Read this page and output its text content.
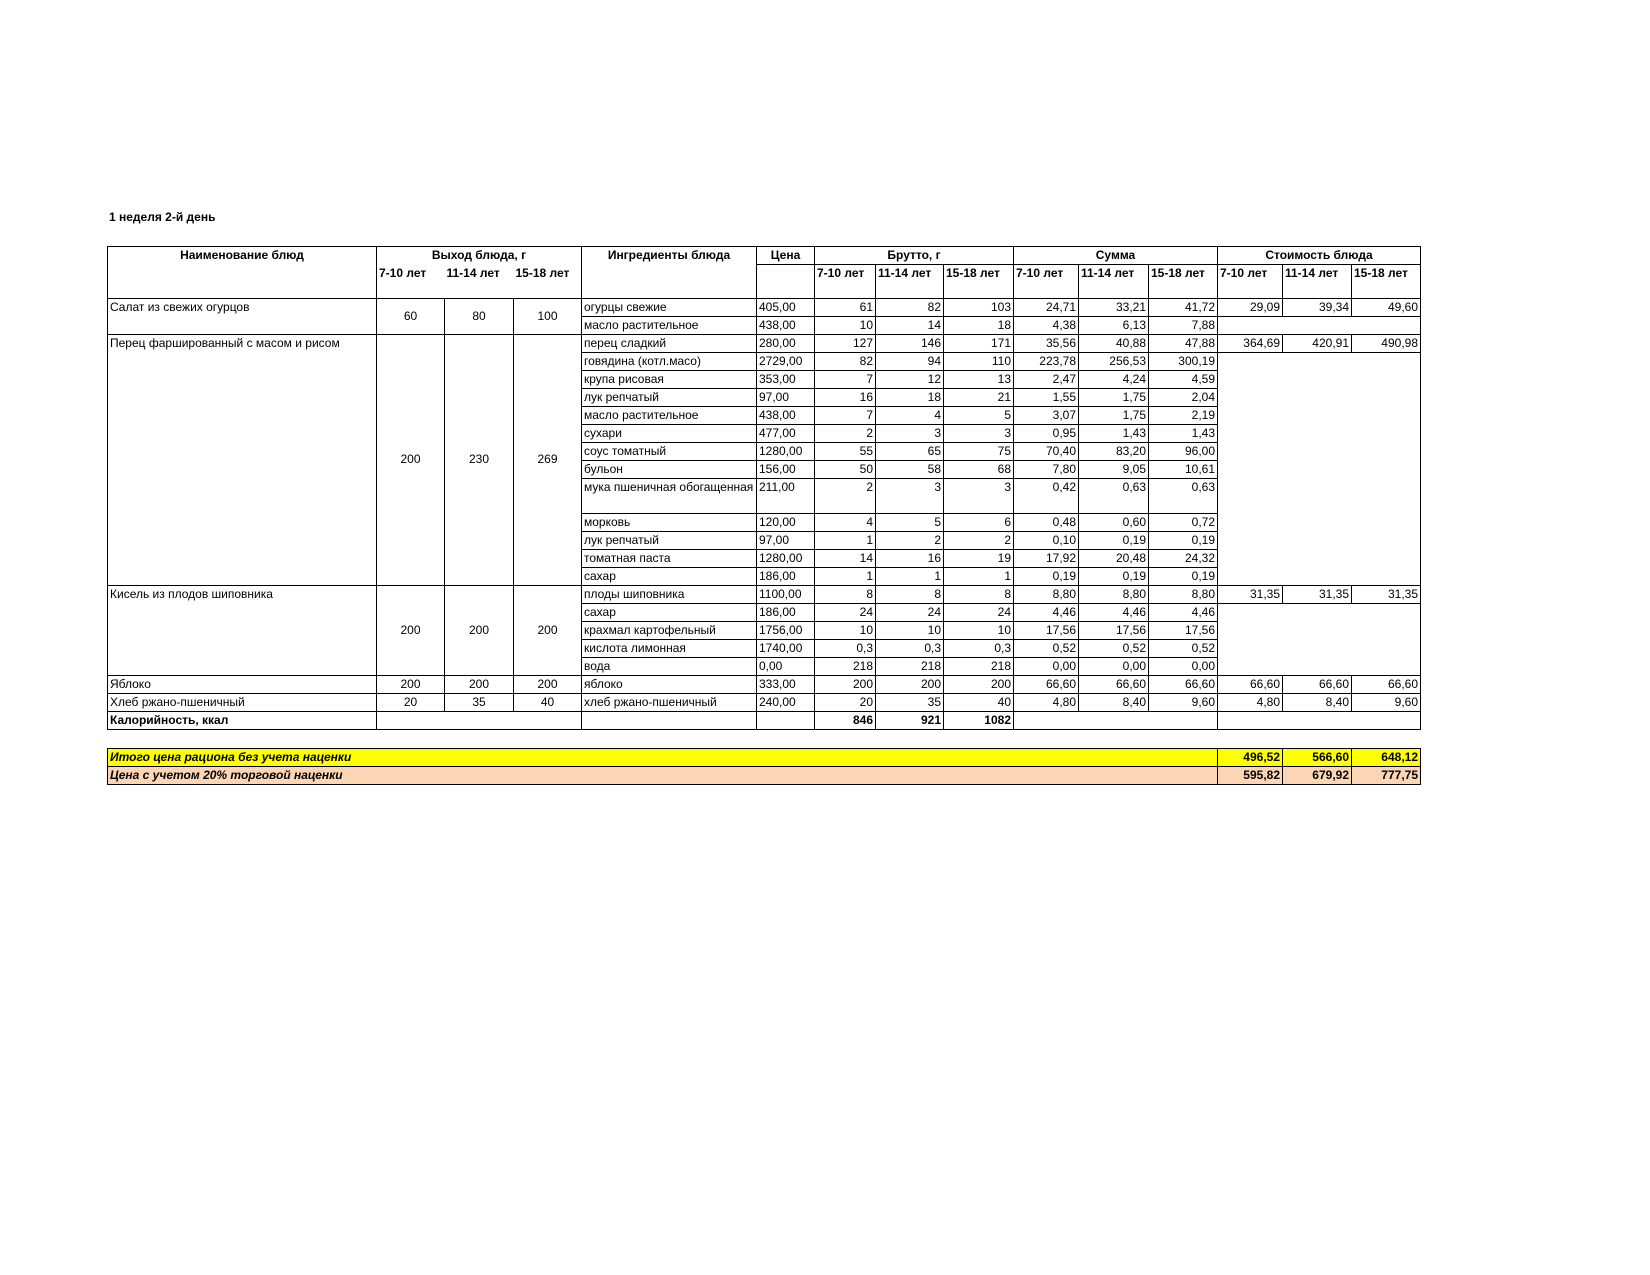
1 неделя 2-й день
Наименование блюд	Выход блюда, г			Ингредиенты блюда	Цена	Брутто, г			Сумма			Стоимость блюда		
	7-10 лет	11-14 лет	15-18 лет			7-10 лет	11-14 лет	15-18 лет	7-10 лет	11-14 лет	15-18 лет	7-10 лет	11-14 лет	15-18 лет
Салат из свежих огурцов	60	80	100	огурцы свежие	405,00	61	82	103	24,71	33,21	41,72	29,09	39,34	49,60
				масло растительное	438,00	10	14	18	4,38	6,13	7,88			
Перец фаршированный с масом и рисом	200	230	269	перец сладкий	280,00	127	146	171	35,56	40,88	47,88	364,69	420,91	490,98
				говядина (котл.масо)	2729,00	82	94	110	223,78	256,53	300,19			
				крупа рисовая	353,00	7	12	13	2,47	4,24	4,59			
				лук репчатый	97,00	16	18	21	1,55	1,75	2,04			
				масло растительное	438,00	7	4	5	3,07	1,75	2,19			
				сухари	477,00	2	3	3	0,95	1,43	1,43			
				соус томатный	1280,00	55	65	75	70,40	83,20	96,00			
				бульон	156,00	50	58	68	7,80	9,05	10,61			
				мука пшеничная обогащенная	211,00	2	3	3	0,42	0,63	0,63			
				морковь	120,00	4	5	6	0,48	0,60	0,72			
				лук репчатый	97,00	1	2	2	0,10	0,19	0,19			
				томатная паста	1280,00	14	16	19	17,92	20,48	24,32			
				сахар	186,00	1	1	1	0,19	0,19	0,19			
Кисель из плодов шиповника	200	200	200	плоды шиповника	1100,00	8	8	8	8,80	8,80	8,80	31,35	31,35	31,35
				сахар	186,00	24	24	24	4,46	4,46	4,46			
				крахмал картофельный	1756,00	10	10	10	17,56	17,56	17,56			
				кислота лимонная	1740,00	0,3	0,3	0,3	0,52	0,52	0,52			
				вода	0,00	218	218	218	0,00	0,00	0,00			
Яблоко	200	200	200	яблоко	333,00	200	200	200	66,60	66,60	66,60	66,60	66,60	66,60
Хлеб ржано-пшеничный	20	35	40	хлеб ржано-пшеничный	240,00	20	35	40	4,80	8,40	9,60	4,80	8,40	9,60
Калорийность, ккал						846	921	1082						

Итого цена рациона без учета наценки												496,52	566,60	648,12
Цена с учетом 20% торговой наценки												595,82	679,92	777,75
